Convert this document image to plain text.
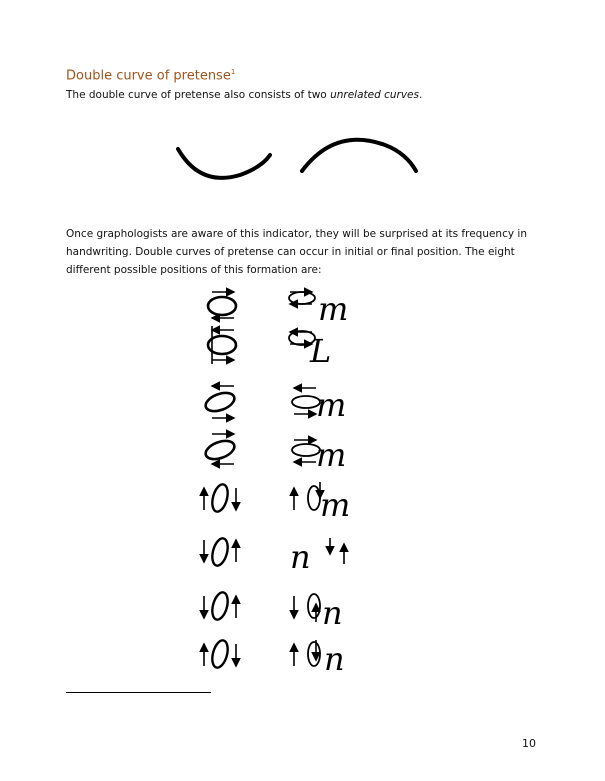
Double curve of pretense$^1$
The double curve of pretense also consists of two unrelated curves.
Once graphologists are aware of this indicator, they will be surprised at its frequency in handwriting. Double curves of pretense can occur in initial or final position. The eight different possible positions of this formation are:
m
L
m
m
m
n
n
n
10
